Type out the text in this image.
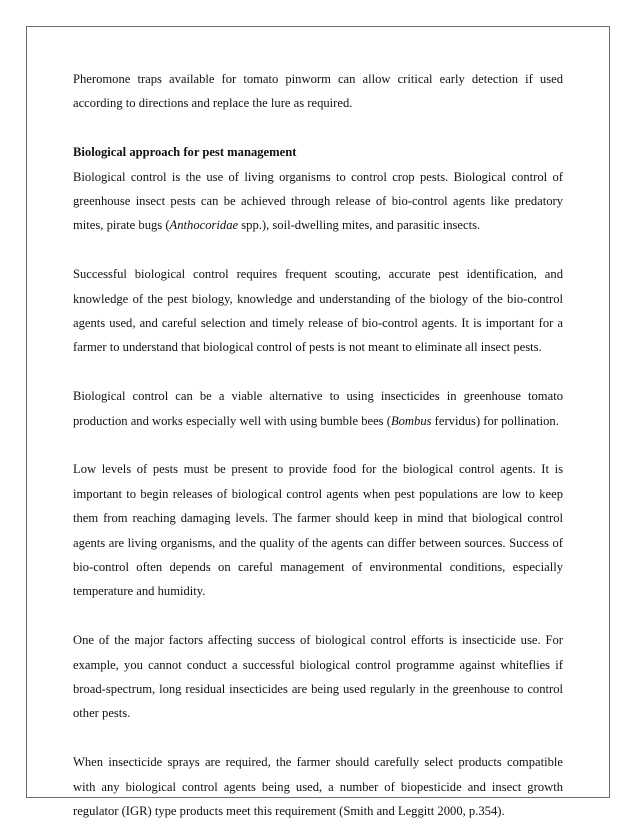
Pheromone traps available for tomato pinworm can allow critical early detection if used according to directions and replace the lure as required.

Biological approach for pest management

Biological control is the use of living organisms to control crop pests. Biological control of greenhouse insect pests can be achieved through release of bio-control agents like predatory mites, pirate bugs (Anthocoridae spp.), soil-dwelling mites, and parasitic insects.

Successful biological control requires frequent scouting, accurate pest identification, and knowledge of the pest biology, knowledge and understanding of the biology of the bio-control agents used, and careful selection and timely release of bio-control agents. It is important for a farmer to understand that biological control of pests is not meant to eliminate all insect pests.

Biological control can be a viable alternative to using insecticides in greenhouse tomato production and works especially well with using bumble bees (Bombus fervidus) for pollination.

Low levels of pests must be present to provide food for the biological control agents. It is important to begin releases of biological control agents when pest populations are low to keep them from reaching damaging levels. The farmer should keep in mind that biological control agents are living organisms, and the quality of the agents can differ between sources. Success of bio-control often depends on careful management of environmental conditions, especially temperature and humidity.

One of the major factors affecting success of biological control efforts is insecticide use. For example, you cannot conduct a successful biological control programme against whiteflies if broad-spectrum, long residual insecticides are being used regularly in the greenhouse to control other pests.

When insecticide sprays are required, the farmer should carefully select products compatible with any biological control agents being used, a number of biopesticide and insect growth regulator (IGR) type products meet this requirement (Smith and Leggitt 2000, p.354).
